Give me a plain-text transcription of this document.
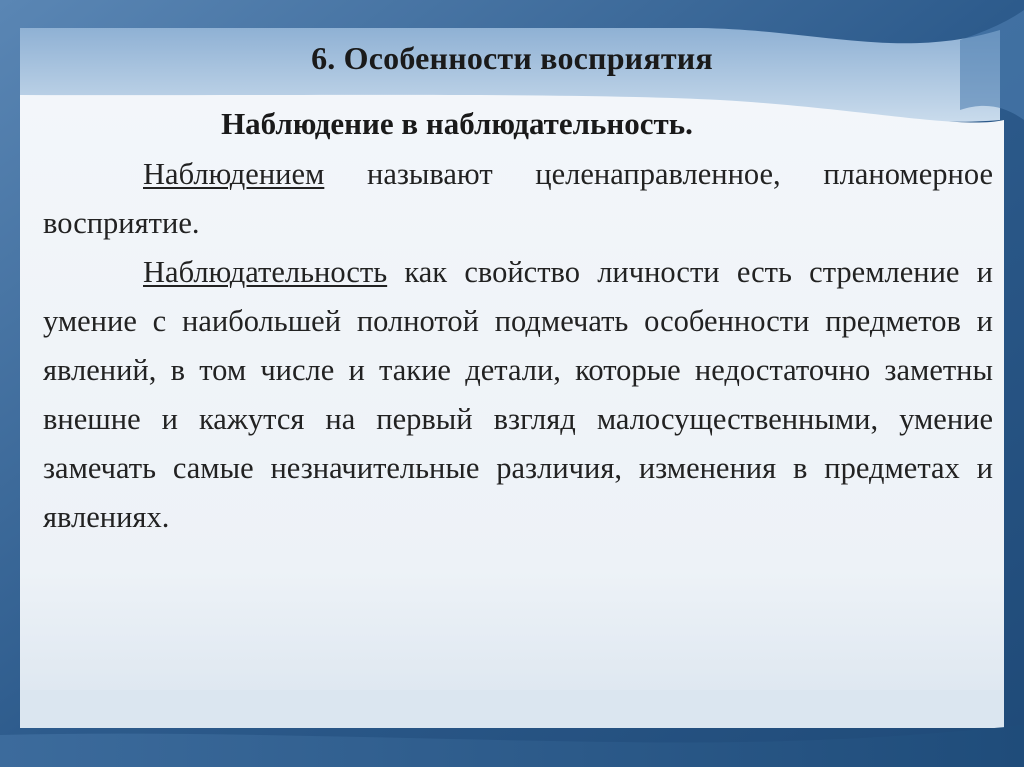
6. Особенности восприятия
Наблюдение в наблюдательность.

Наблюдением называют целенаправленное, планомерное восприятие.

Наблюдательность как свойство личности есть стремление и умение с наибольшей полнотой подмечать особенности предметов и явлений, в том числе и такие детали, которые недостаточно заметны внешне и кажутся на первый взгляд малосущественными, умение замечать самые незначительные различия, изменения в предметах и явлениях.
